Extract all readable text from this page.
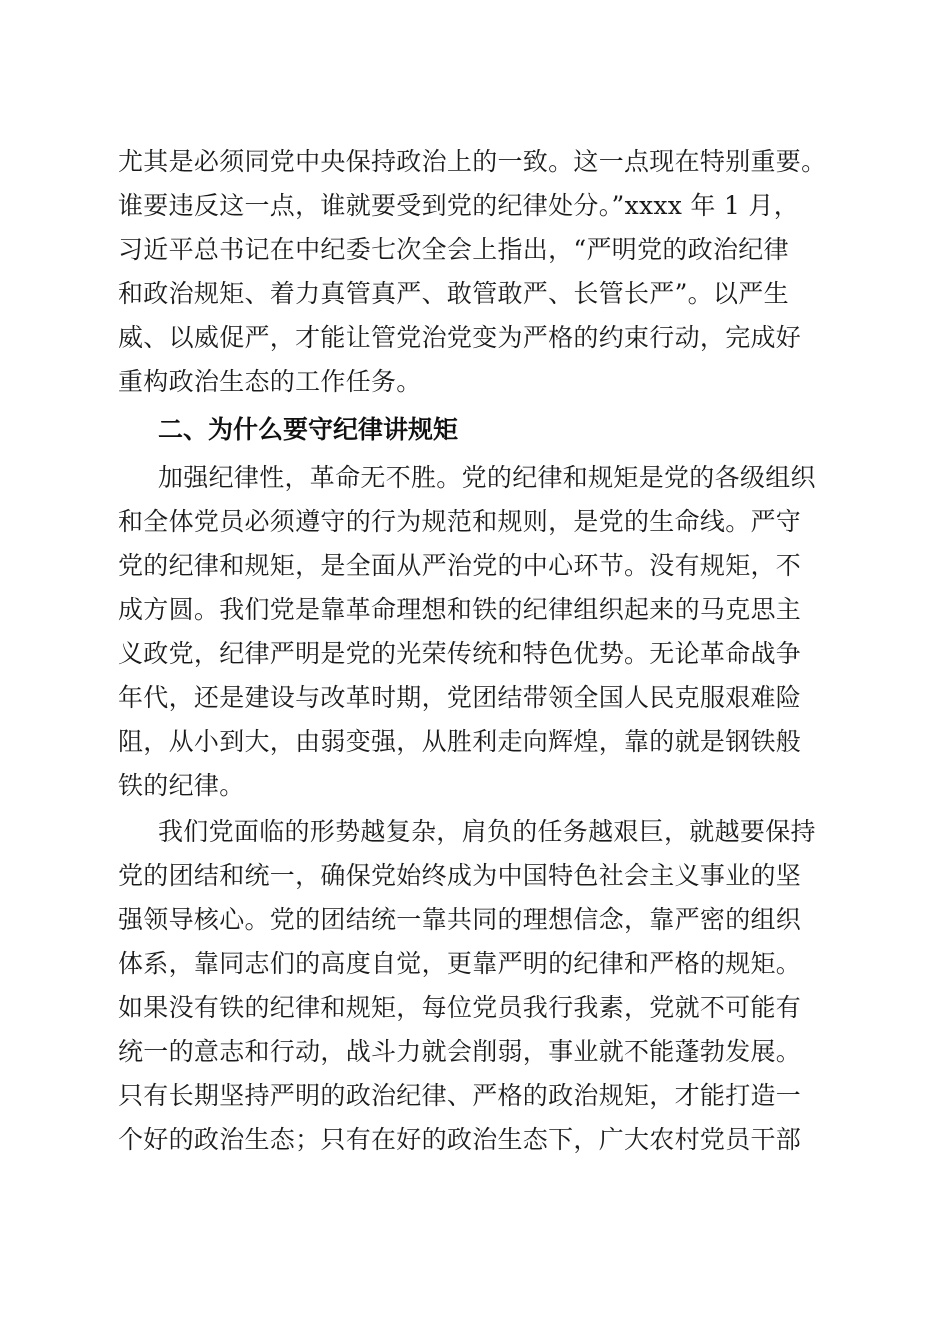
尤其是必须同党中央保持政治上的一致。这一点现在特别重要。
谁要违反这一点，谁就要受到党的纪律处分。”xxxx 年 1 月，
习近平总书记在中纪委七次全会上指出，“严明党的政治纪律
和政治规矩、着力真管真严、敢管敢严、长管长严”。以严生
威、以威促严，才能让管党治党变为严格的约束行动，完成好
重构政治生态的工作任务。
二、为什么要守纪律讲规矩
加强纪律性，革命无不胜。党的纪律和规矩是党的各级组织
和全体党员必须遵守的行为规范和规则，是党的生命线。严守
党的纪律和规矩，是全面从严治党的中心环节。没有规矩，不
成方圆。我们党是靠革命理想和铁的纪律组织起来的马克思主
义政党，纪律严明是党的光荣传统和特色优势。无论革命战争
年代，还是建设与改革时期，党团结带领全国人民克服艰难险
阻，从小到大，由弱变强，从胜利走向辉煌，靠的就是钢铁般
铁的纪律。
我们党面临的形势越复杂，肩负的任务越艰巨，就越要保持
党的团结和统一，确保党始终成为中国特色社会主义事业的坚
强领导核心。党的团结统一靠共同的理想信念，靠严密的组织
体系，靠同志们的高度自觉，更靠严明的纪律和严格的规矩。
如果没有铁的纪律和规矩，每位党员我行我素，党就不可能有
统一的意志和行动，战斗力就会削弱，事业就不能蓬勃发展。
只有长期坚持严明的政治纪律、严格的政治规矩，才能打造一
个好的政治生态；只有在好的政治生态下，广大农村党员干部
